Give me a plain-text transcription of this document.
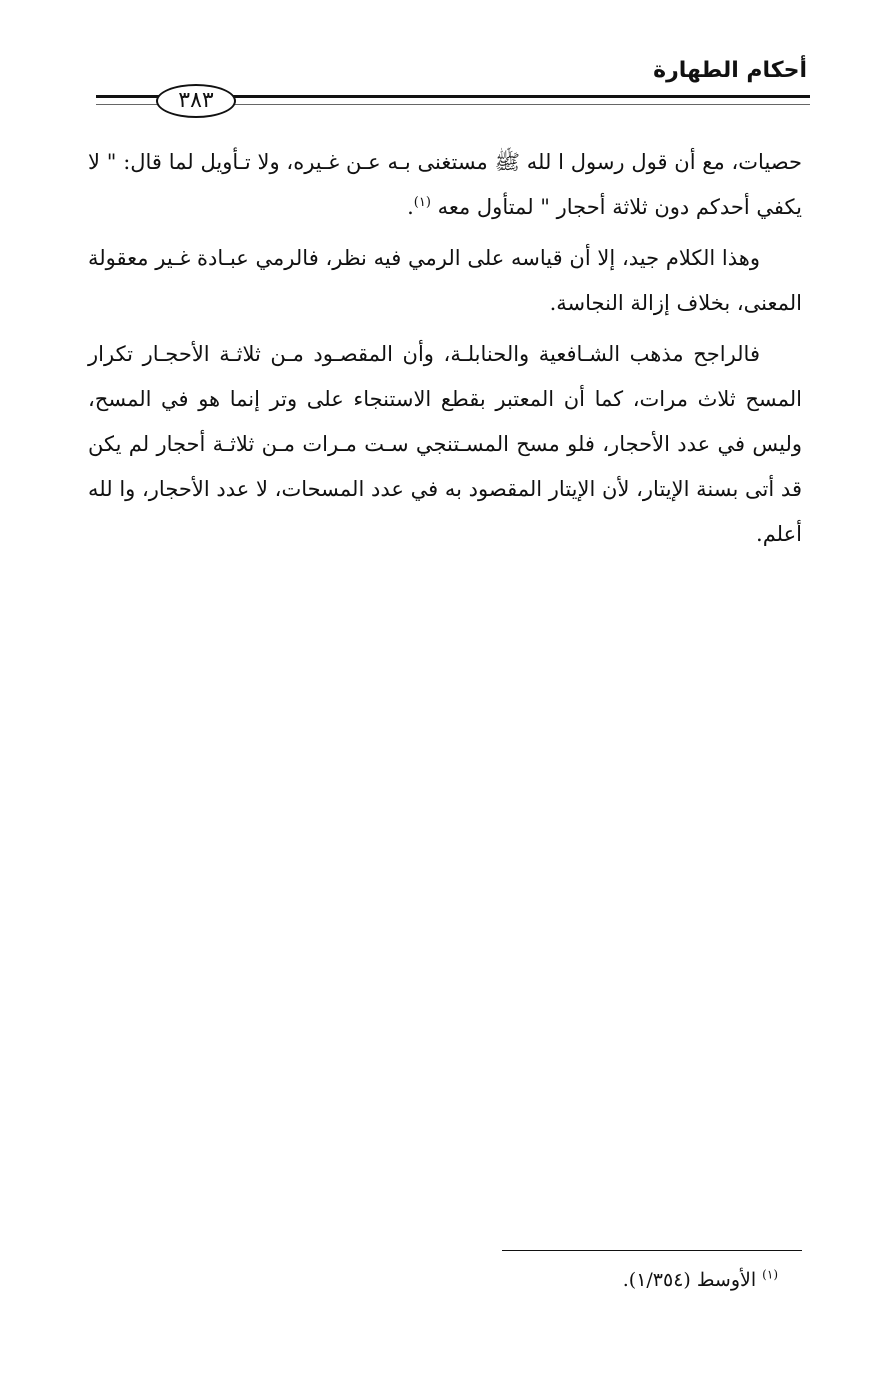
أحكام الطهارة
٣٨٣

حصيات، مع أن قول رسول ا لله ﷺ مستغنى بـه عـن غـيره، ولا تـأويل لما قال: " لا يكفي أحدكم دون ثلاثة أحجار " لمتأول معه $^{(١)}$.

وهذا الكلام جيد، إلا أن قياسه على الرمي فيه نظر، فالرمي عبـادة غـير معقولة المعنى، بخلاف إزالة النجاسة.

فالراجح مذهب الشـافعية والحنابلـة، وأن المقصـود مـن ثلاثـة الأحجـار تكرار المسح ثلاث مرات، كما أن المعتبر بقطع الاستنجاء على وتر إنما هو في المسح، وليس في عدد الأحجار، فلو مسح المسـتنجي سـت مـرات مـن ثلاثـة أحجار لم يكن قد أتى بسنة الإيتار، لأن الإيتار المقصود به في عدد المسحات، لا عدد الأحجار، وا لله أعلم.

$^{(١)}$ الأوسط (١/٣٥٤).
